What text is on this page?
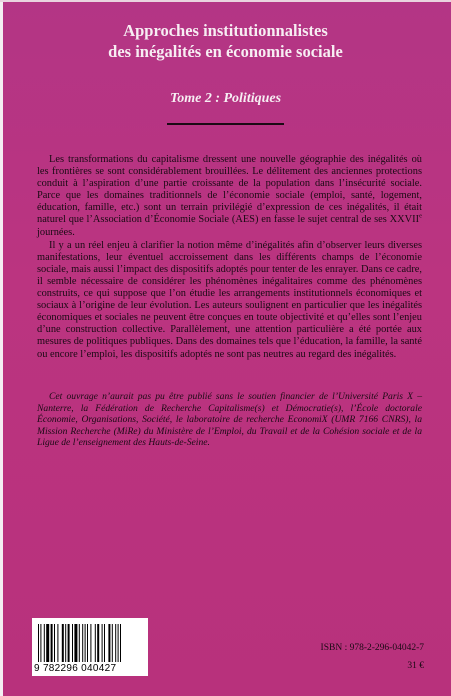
Approches institutionnalistes
des inégalités en économie sociale
Tome 2 : Politiques

Les transformations du capitalisme dressent une nouvelle géographie des inégalités où les frontières se sont considérablement brouillées. Le délitement des anciennes protections conduit à l’aspiration d’une partie croissante de la population dans l’insécurité sociale. Parce que les domaines traditionnels de l’économie sociale (emploi, santé, logement, éducation, famille, etc.) sont un terrain privilégié d’expression de ces inégalités, il était naturel que l’Association d’Économie Sociale (AES) en fasse le sujet central de ses XXVIIe journées.

Il y a un réel enjeu à clarifier la notion même d’inégalités afin d’observer leurs diverses manifestations, leur éventuel accroissement dans les différents champs de l’économie sociale, mais aussi l’impact des dispositifs adoptés pour tenter de les enrayer. Dans ce cadre, il semble nécessaire de considérer les phénomènes inégalitaires comme des phénomènes construits, ce qui suppose que l’on étudie les arrangements institutionnels économiques et sociaux à l’origine de leur évolution. Les auteurs soulignent en particulier que les inégalités économiques et sociales ne peuvent être conçues en toute objectivité et qu’elles sont l’enjeu d’une construction collective. Parallèlement, une attention particulière a été portée aux mesures de politiques publiques. Dans des domaines tels que l’éducation, la famille, la santé ou encore l’emploi, les dispositifs adoptés ne sont pas neutres au regard des inégalités.

Cet ouvrage n’aurait pas pu être publié sans le soutien financier de l’Université Paris X – Nanterre, la Fédération de Recherche Capitalisme(s) et Démocratie(s), l’École doctorale Économie, Organisations, Société, le laboratoire de recherche EconomiX (UMR 7166 CNRS), la Mission Recherche (MiRe) du Ministère de l’Emploi, du Travail et de la Cohésion sociale et de la Ligue de l’enseignement des Hauts-de-Seine.

9 782296 040427
ISBN : 978-2-296-04042-7
31 €
